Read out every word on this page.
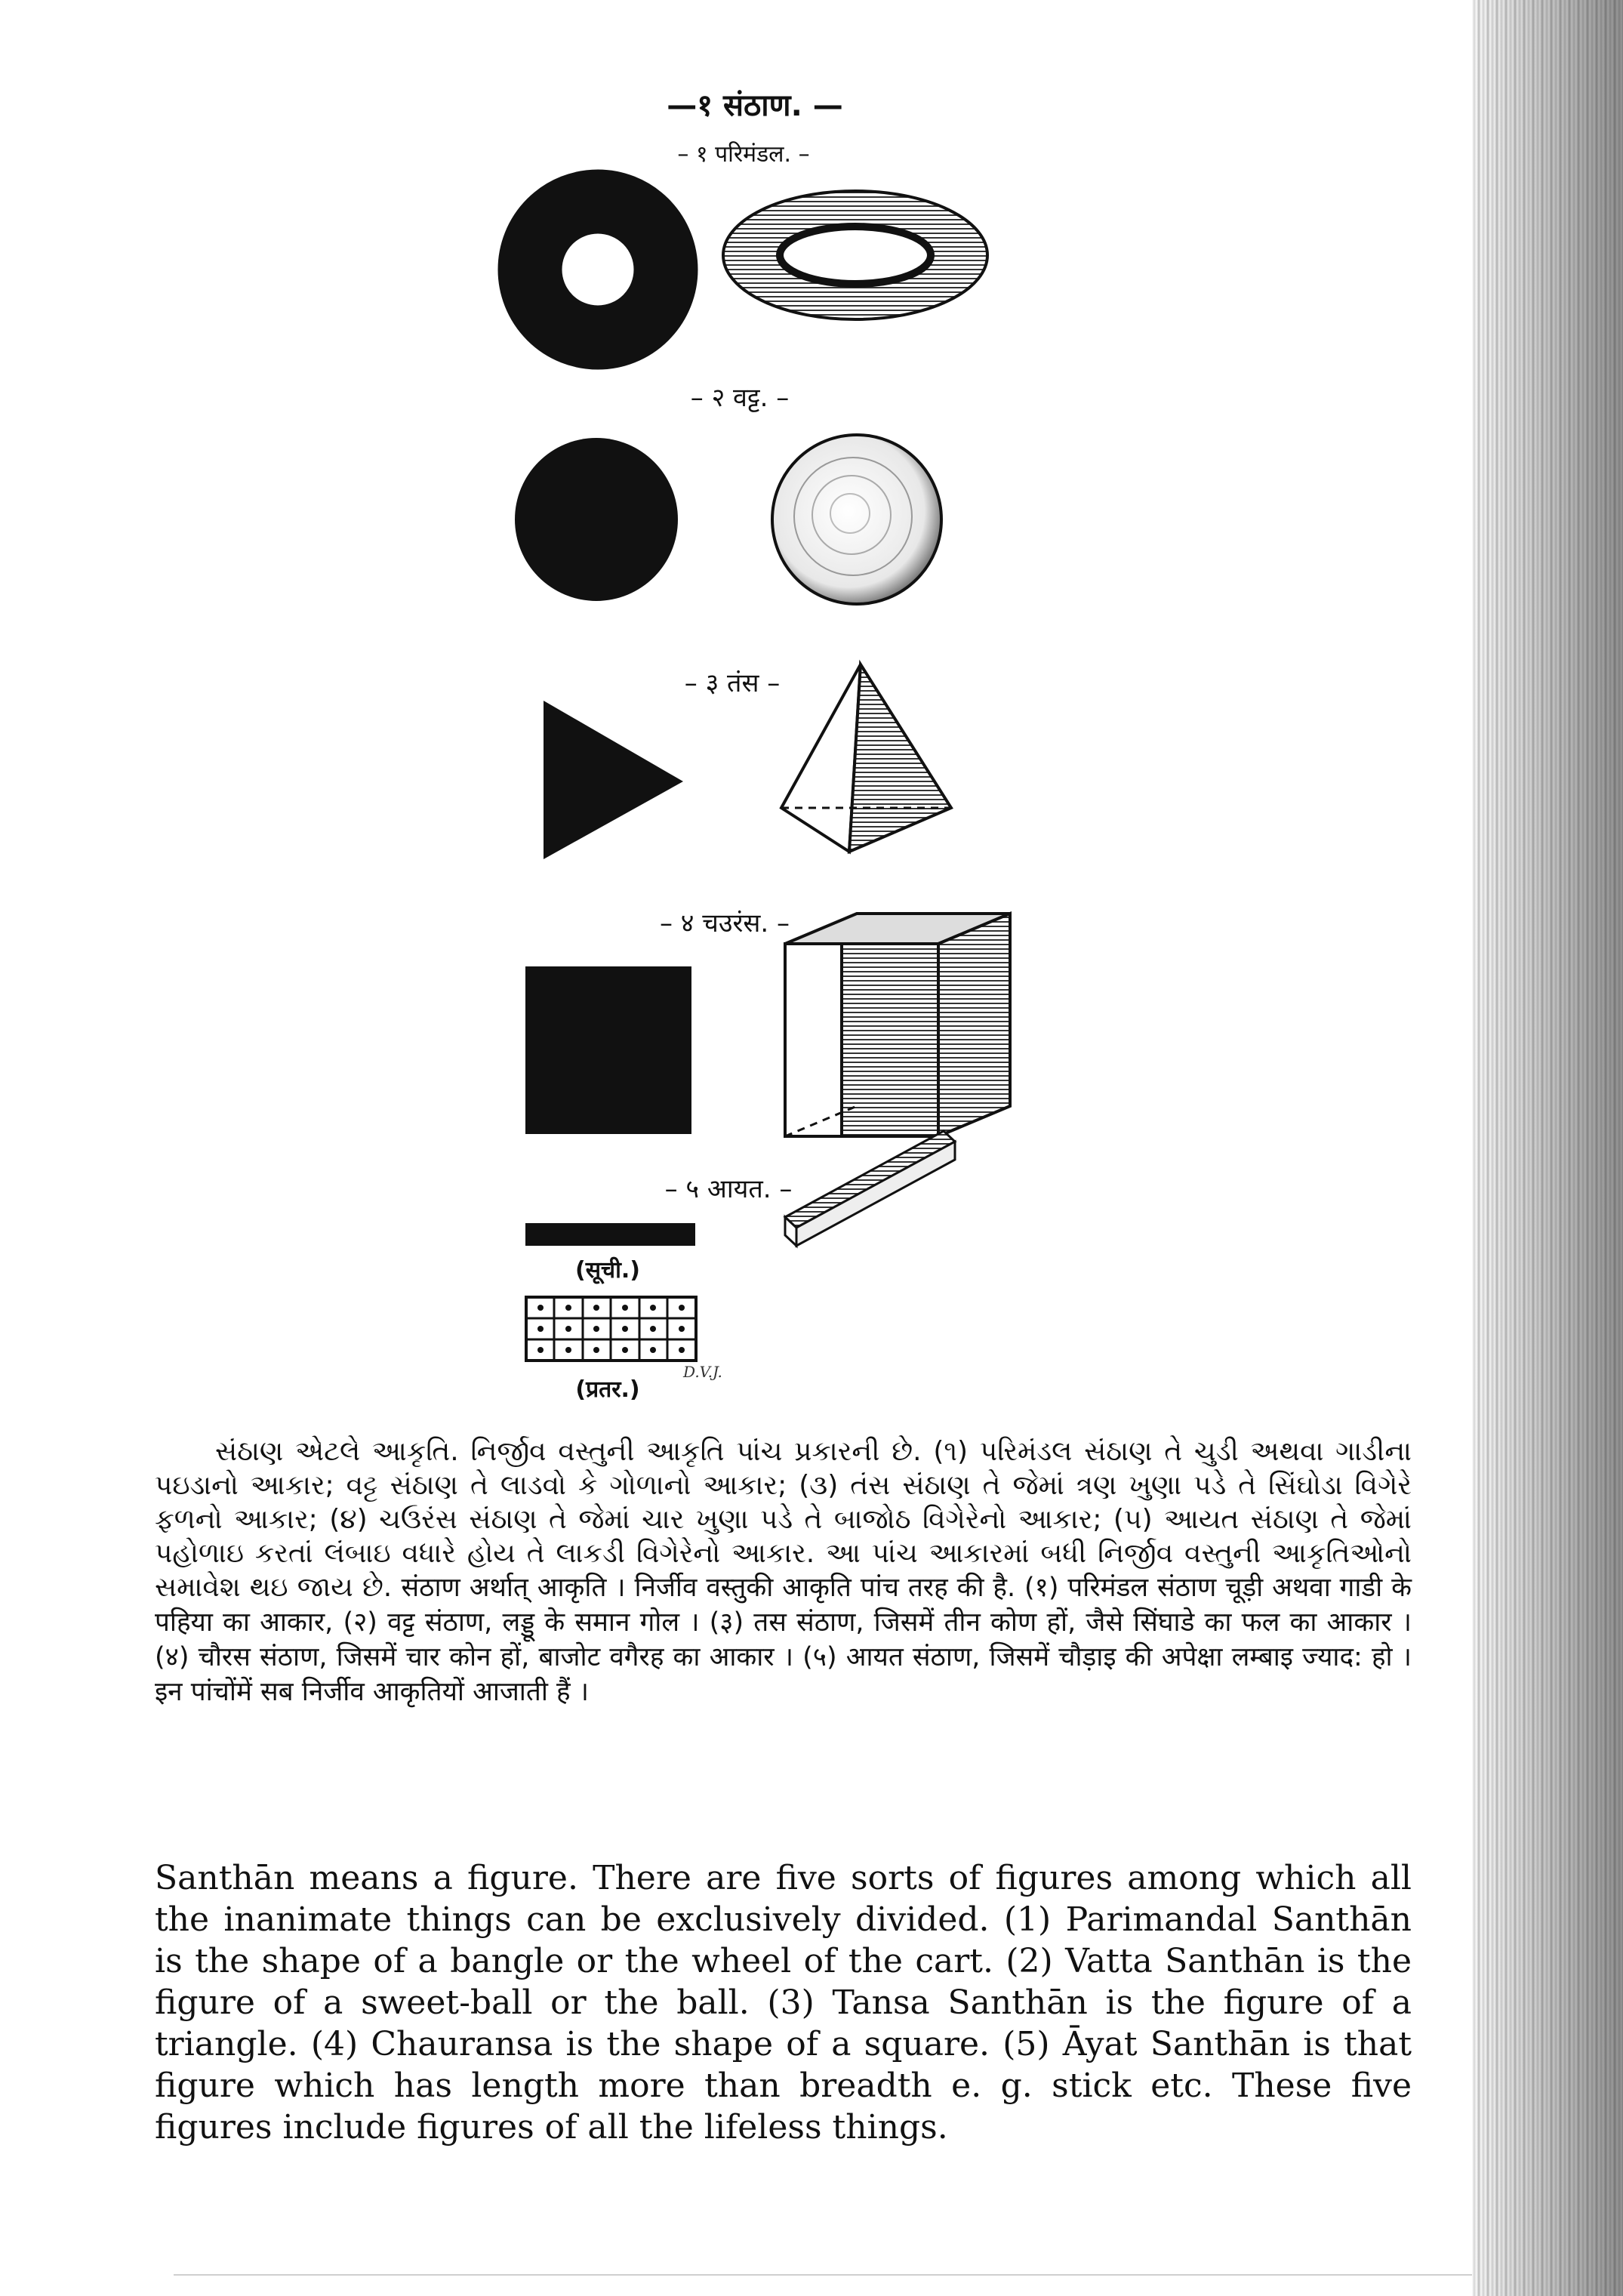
—१ संठाण. —
– १ परिमंडल. –
– २ वट्ट. –
– ३ तंस –
– ४ चउरंस. –
– ५ आयत. –
(सूची.)
(प्रतर.)
D.V.J.
સંઠાણ એટલે આકૃતિ. નિર્જીવ વસ્તુની આકૃતિ પાંચ પ્રકારની છે. (૧) પરિમંડલ સંઠાણ તે ચુડી અથવા ગાડીના પઇડાનો આકાર; વટ્ટ સંઠાણ તે લાડવો કે ગોળાનો આકાર; (૩) તંસ સંઠાણ તે જેમાં ત્રણ ખુણા પડે તે સિંઘોડા વિગેરે ફળનો આકાર; (૪) ચઉરંસ સંઠાણ તે જેમાં ચાર ખુણા પડે તે બાજોઠ વિગેરેનો આકાર; (૫) આયત સંઠાણ તે જેમાં પહોળાઇ કરતાં લંબાઇ વધારે હોય તે લાકડી વિગેરેનો આકાર. આ પાંચ આકારમાં બધી નિર્જીવ વસ્તુની આકૃતિઓનો સમાવેશ થઇ જાય છે. संठाण अर्थात् आकृति । निर्जीव वस्तुकी आकृति पांच तरह की है. (१) परिमंडल संठाण चूड़ी अथवा गाडी के पहिया का आकार, (२) वट्ट संठाण, लड्डू के समान गोल । (३) तस संठाण, जिसमें तीन कोण हों, जैसे सिंघाडे का फल का आकार । (४) चौरस संठाण, जिसमें चार कोन हों, बाजोट वगैरह का आकार । (५) आयत संठाण, जिसमें चौड़ाइ की अपेक्षा लम्बाइ ज्याद: हो । इन पांचोंमें सब निर्जीव आकृतियों आजाती हैं ।
Santhān means a figure. There are five sorts of figures among which all the inanimate things can be exclusively divided. (1) Parimandal Santhān is the shape of a bangle or the wheel of the cart. (2) Vatta Santhān is the figure of a sweet-ball or the ball. (3) Tansa Santhān is the figure of a triangle. (4) Chauransa is the shape of a square. (5) Āyat Santhān is that figure which has length more than breadth e. g. stick etc. These five figures include figures of all the lifeless things.
